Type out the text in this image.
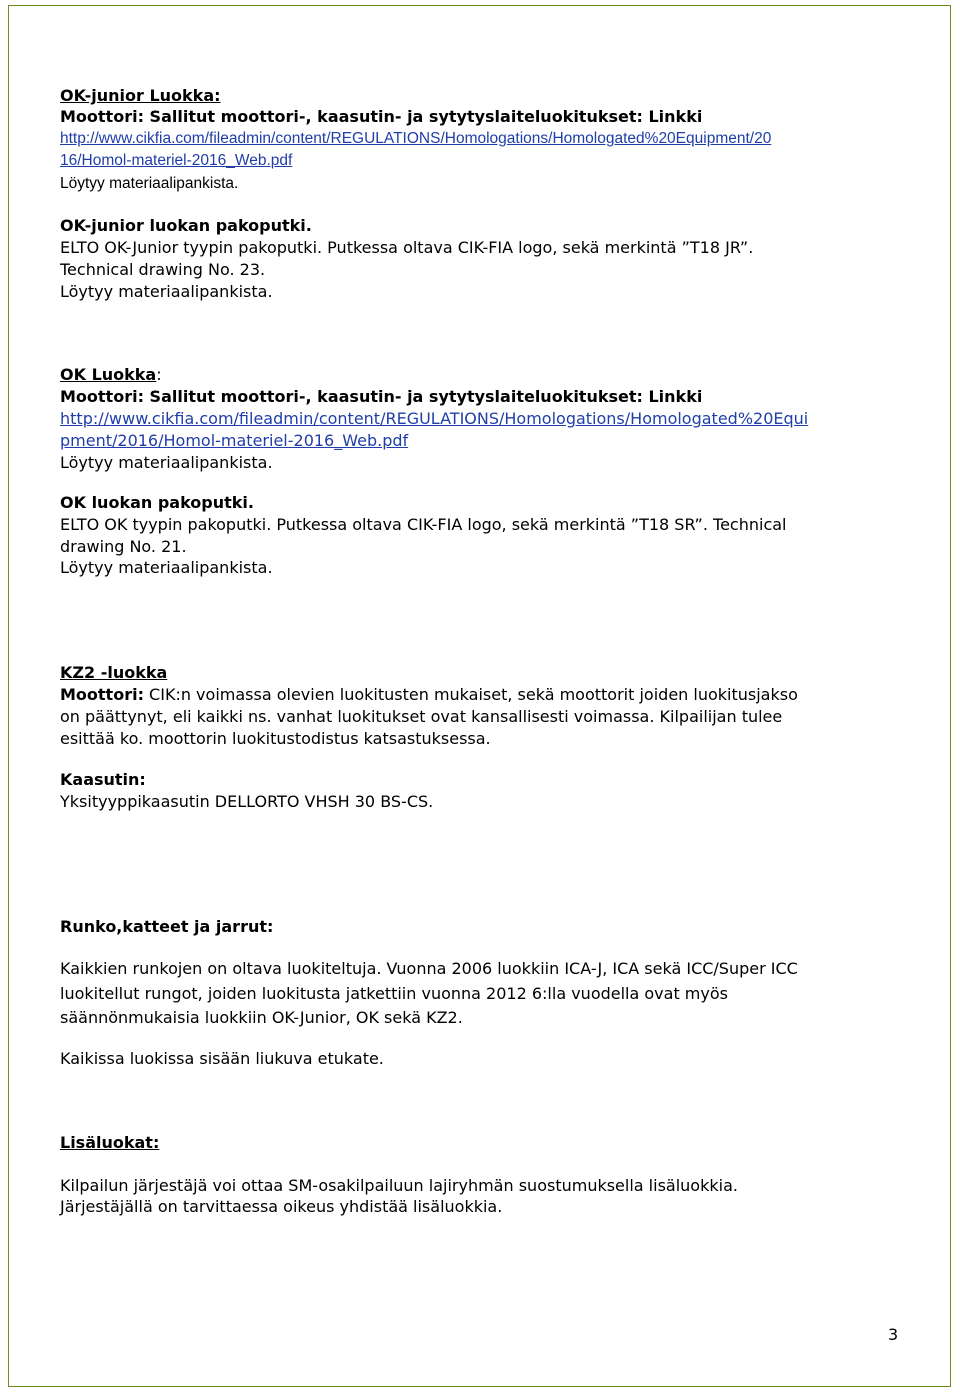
OK-junior Luokka:
Moottori: Sallitut moottori-, kaasutin- ja sytytyslaiteluokitukset: Linkki
http://www.cikfia.com/fileadmin/content/REGULATIONS/Homologations/Homologated%20Equipment/20
16/Homol-materiel-2016_Web.pdf
Löytyy materiaalipankista.
OK-junior luokan pakoputki.
ELTO OK-Junior tyypin pakoputki. Putkessa oltava CIK-FIA logo, sekä merkintä ”T18 JR”.
Technical drawing No. 23.
Löytyy materiaalipankista.
OK Luokka:
Moottori: Sallitut moottori-, kaasutin- ja sytytyslaiteluokitukset: Linkki
http://www.cikfia.com/fileadmin/content/REGULATIONS/Homologations/Homologated%20Equi
pment/2016/Homol-materiel-2016_Web.pdf
Löytyy materiaalipankista.
OK luokan pakoputki.
ELTO OK tyypin pakoputki. Putkessa oltava CIK-FIA logo, sekä merkintä ”T18 SR”. Technical
drawing No. 21.
Löytyy materiaalipankista.
KZ2 -luokka
Moottori: CIK:n voimassa olevien luokitusten mukaiset, sekä moottorit joiden luokitusjakso
on päättynyt, eli kaikki ns. vanhat luokitukset ovat kansallisesti voimassa. Kilpailijan tulee
esittää ko. moottorin luokitustodistus katsastuksessa.
Kaasutin:
Yksityyppikaasutin DELLORTO VHSH 30 BS-CS.
Runko,katteet ja jarrut:
Kaikkien runkojen on oltava luokiteltuja. Vuonna 2006 luokkiin ICA-J, ICA sekä ICC/Super ICC
luokitellut rungot, joiden luokitusta jatkettiin vuonna 2012 6:lla vuodella ovat myös
säännönmukaisia luokkiin OK-Junior, OK sekä KZ2.
Kaikissa luokissa sisään liukuva etukate.
Lisäluokat:
Kilpailun järjestäjä voi ottaa SM-osakilpailuun lajiryhmän suostumuksella lisäluokkia.
Järjestäjällä on tarvittaessa oikeus yhdistää lisäluokkia.
3
